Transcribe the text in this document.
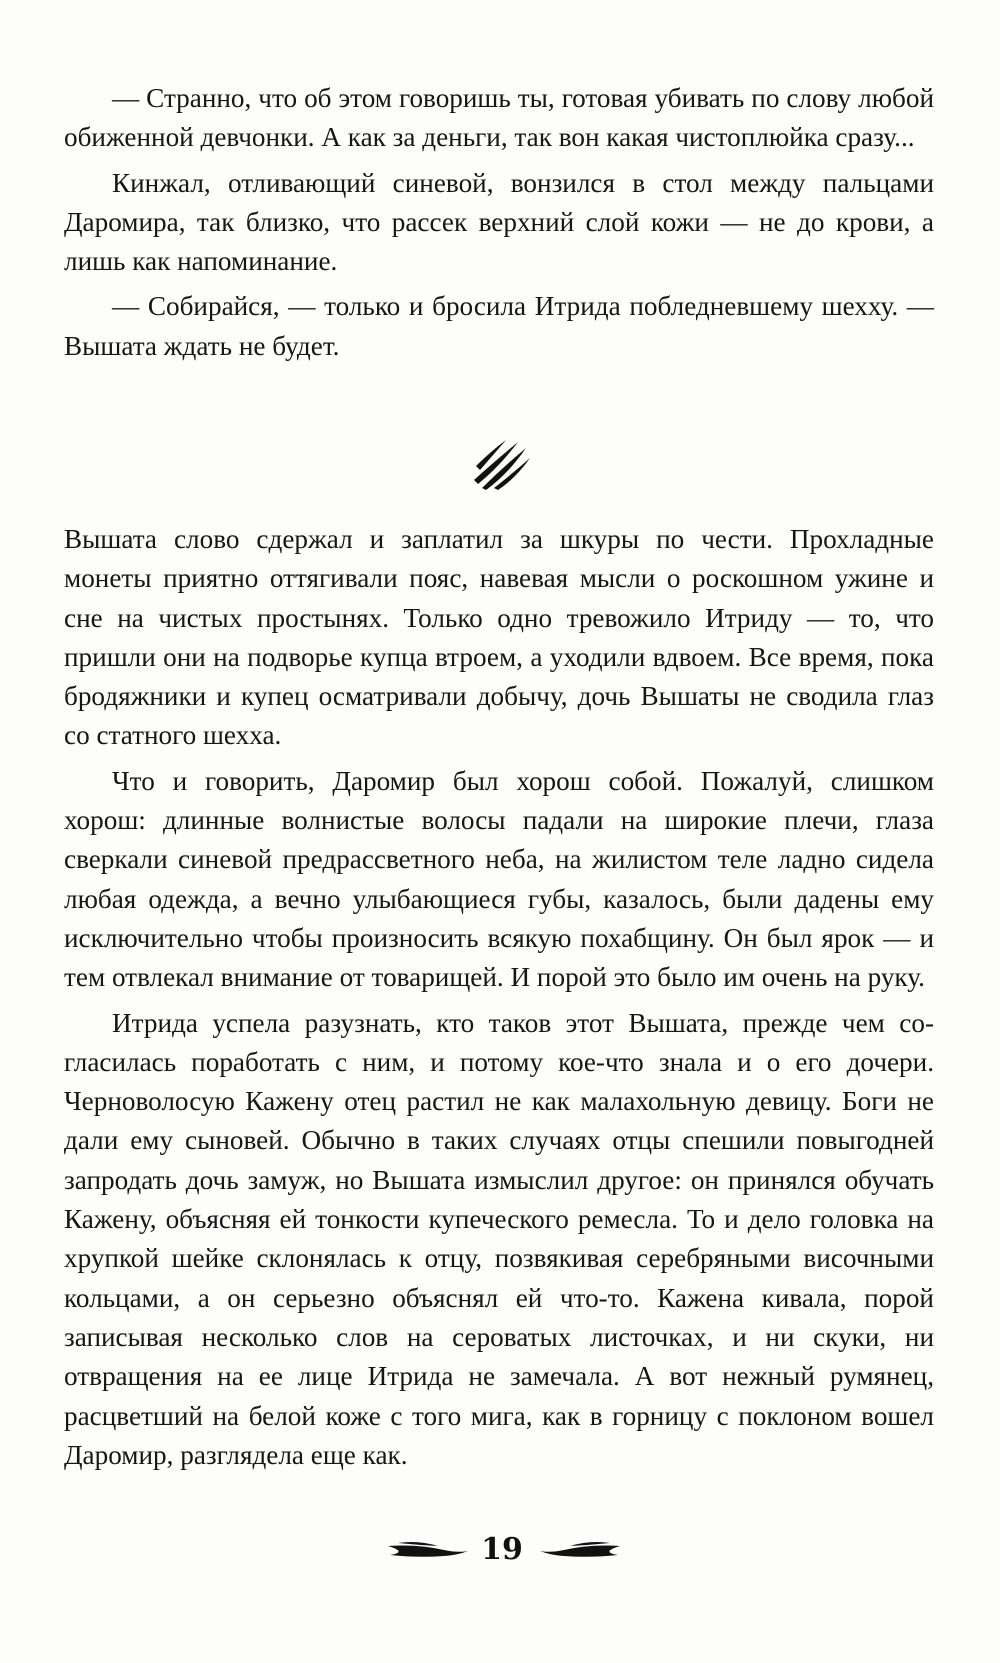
— Странно, что об этом говоришь ты, готовая убивать по слову любой обиженной девчонки. А как за деньги, так вон какая чистоплюйка сразу...

Кинжал, отливающий синевой, вонзился в стол между пальцами Даромира, так близко, что рассек верхний слой кожи — не до крови, а лишь как напоминание.

— Собирайся, — только и бросила Итрида побледневшему шехху. — Вышата ждать не будет.

Вышата слово сдержал и заплатил за шкуры по чести. Прохладные монеты приятно оттягивали пояс, навевая мысли о роскошном ужине и сне на чистых простынях. Только одно тревожило Итриду — то, что пришли они на подворье купца втроем, а уходили вдвоем. Все время, пока бродяжники и купец осматривали добычу, дочь Вышаты не сводила глаз со статного шехха.

Что и говорить, Даромир был хорош собой. Пожалуй, слишком хорош: длинные волнистые волосы падали на широкие плечи, глаза сверкали синевой предрассветного неба, на жилистом теле ладно сидела любая одежда, а вечно улыбающиеся губы, казалось, были дадены ему исключительно чтобы произносить всякую похабщину. Он был ярок — и тем отвлекал внимание от товарищей. И порой это было им очень на руку.

Итрида успела разузнать, кто таков этот Вышата, прежде чем согласилась поработать с ним, и потому кое-что знала и о его дочери. Черноволосую Кажену отец растил не как малахольную девицу. Боги не дали ему сыновей. Обычно в таких случаях отцы спешили повыгодней запродать дочь замуж, но Вышата измыслил другое: он принялся обучать Кажену, объясняя ей тонкости купеческого ремесла. То и дело головка на хрупкой шейке склонялась к отцу, позвякивая серебряными височными кольцами, а он серьезно объяснял ей что-то. Кажена кивала, порой записывая несколько слов на сероватых листочках, и ни скуки, ни отвращения на ее лице Итрида не замечала. А вот нежный румянец, расцветший на белой коже с того мига, как в горницу с поклоном вошел Даромир, разглядела еще как.

19
